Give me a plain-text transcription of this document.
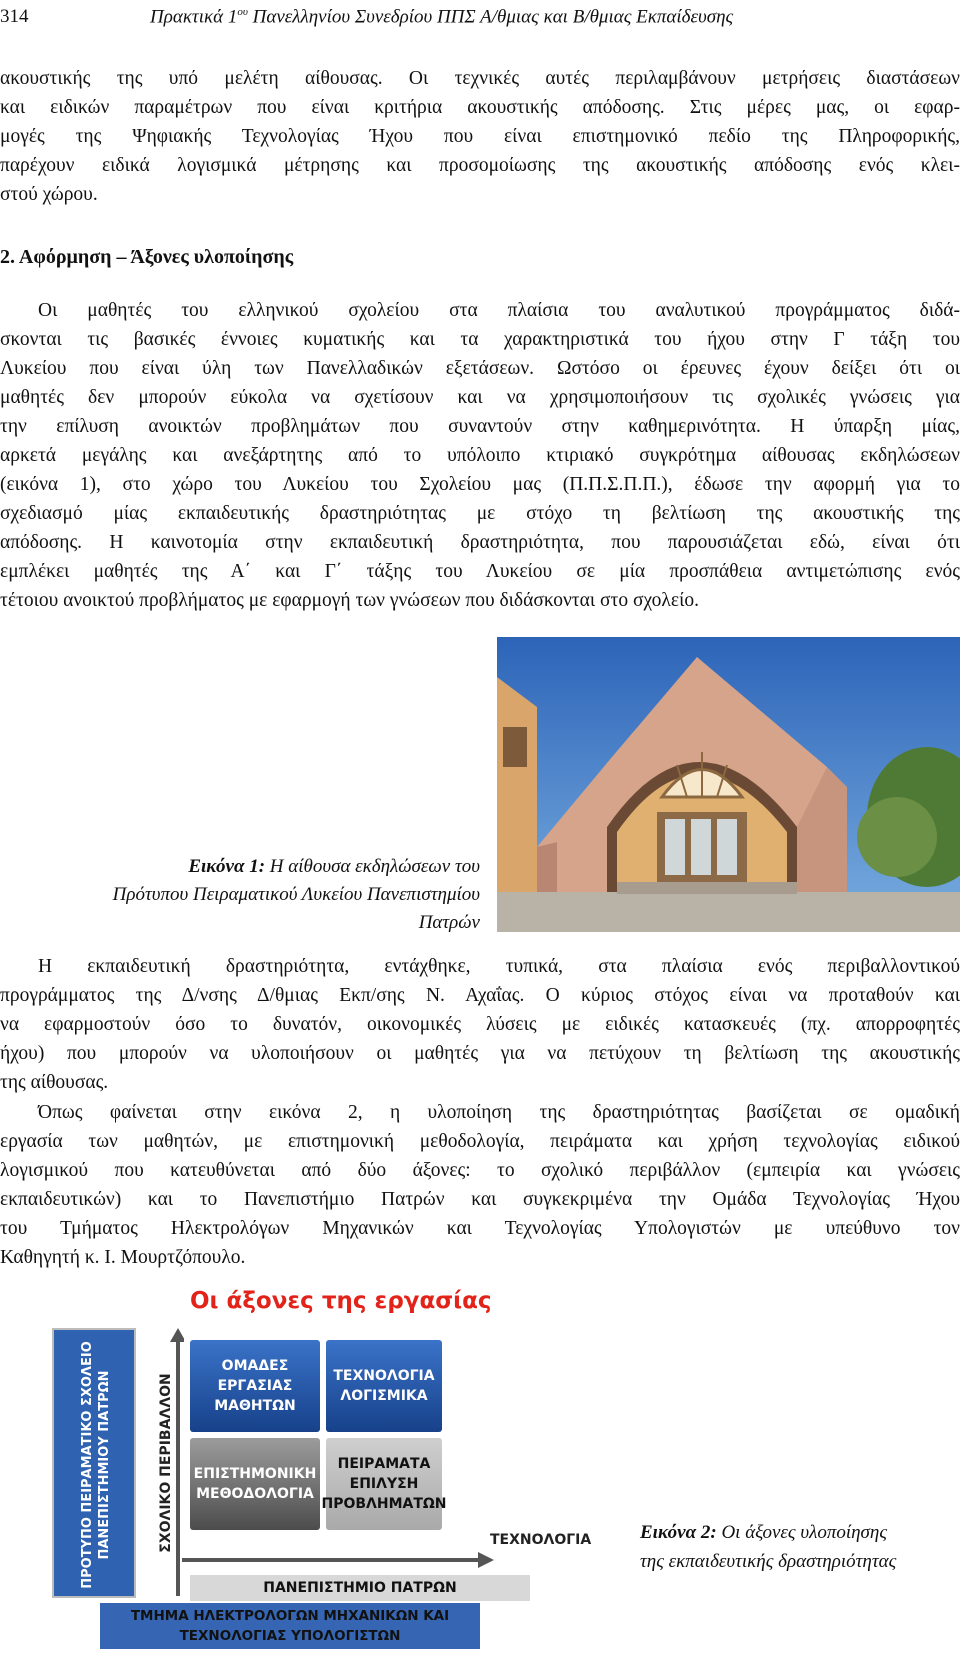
314	Πρακτικά $1^{o\upsilon}$ Πανελληνίου Συνεδρίου ΠΠΣ Α/θμιας και Β/θμιας Εκπαίδευσης
ακουστικής της υπό μελέτη αίθουσας. Οι τεχνικές αυτές περιλαμβάνουν μετρήσεις διαστάσεων
και ειδικών παραμέτρων που είναι κριτήρια ακουστικής απόδοσης. Στις μέρες μας, οι εφαρ-
μογές της Ψηφιακής Τεχνολογίας Ήχου που είναι επιστημονικό πεδίο της Πληροφορικής,
παρέχουν ειδικά λογισμικά μέτρησης και προσομοίωσης της ακουστικής απόδοσης ενός κλει-
στού χώρου.
2. Αφόρμηση – Άξονες υλοποίησης
Οι μαθητές του ελληνικού σχολείου στα πλαίσια του αναλυτικού προγράμματος διδά-
σκονται τις βασικές έννοιες κυματικής και τα χαρακτηριστικά του ήχου στην Γ τάξη του
Λυκείου που είναι ύλη των Πανελλαδικών εξετάσεων. Ωστόσο οι έρευνες έχουν δείξει ότι οι
μαθητές δεν μπορούν εύκολα να σχετίσουν και να χρησιμοποιήσουν τις σχολικές γνώσεις για
την επίλυση ανοικτών προβλημάτων που συναντούν στην καθημερινότητα. Η ύπαρξη μίας,
αρκετά μεγάλης και ανεξάρτητης από το υπόλοιπο κτιριακό συγκρότημα αίθουσας εκδηλώσεων
(εικόνα 1), στο χώρο του Λυκείου του Σχολείου μας (Π.Π.Σ.Π.Π.), έδωσε την αφορμή για το
σχεδιασμό μίας εκπαιδευτικής δραστηριότητας με στόχο τη βελτίωση της ακουστικής της
απόδοσης. Η καινοτομία στην εκπαιδευτική δραστηριότητα, που παρουσιάζεται εδώ, είναι ότι
εμπλέκει μαθητές της Α΄ και Γ΄ τάξης του Λυκείου σε μία προσπάθεια αντιμετώπισης ενός
τέτοιου ανοικτού προβλήματος με εφαρμογή των γνώσεων που διδάσκονται στο σχολείο.
Εικόνα 1: Η αίθουσα εκδηλώσεων του
Πρότυπου Πειραματικού Λυκείου Πανεπιστημίου
Πατρών
Η εκπαιδευτική δραστηριότητα, εντάχθηκε, τυπικά, στα πλαίσια ενός περιβαλλοντικού
προγράμματος της Δ/νσης Δ/θμιας Εκπ/σης Ν. Αχαΐας. Ο κύριος στόχος είναι να προταθούν και
να εφαρμοστούν όσο το δυνατόν, οικονομικές λύσεις με ειδικές κατασκευές (πχ. απορροφητές
ήχου) που μπορούν να υλοποιήσουν οι μαθητές για να πετύχουν τη βελτίωση της ακουστικής
της αίθουσας.
Όπως φαίνεται στην εικόνα 2, η υλοποίηση της δραστηριότητας βασίζεται σε ομαδική
εργασία των μαθητών, με επιστημονική μεθοδολογία, πειράματα και χρήση τεχνολογίας ειδικού
λογισμικού που κατευθύνεται από δύο άξονες: το σχολικό περιβάλλον (εμπειρία και γνώσεις
εκπαιδευτικών) και το Πανεπιστήμιο Πατρών και συγκεκριμένα την Ομάδα Τεχνολογίας Ήχου
του Τμήματος Ηλεκτρολόγων Μηχανικών και Τεχνολογίας Υπολογιστών με υπεύθυνο τον
Καθηγητή κ. Ι. Μουρτζόπουλο.
Οι άξονες της εργασίας
ΠΡΟΤΥΠΟ ΠΕΙΡΑΜΑΤΙΚΟ ΣΧΟΛΕΙΟ ΠΑΝΕΠΙΣΤΗΜΙΟΥ ΠΑΤΡΩΝ	ΣΧΟΛΙΚΟ ΠΕΡΙΒΑΛΛΟΝ
ΟΜΑΔΕΣ ΕΡΓΑΣΙΑΣ
ΜΑΘΗΤΩΝ
ΤΕΧΝΟΛΟΓΙΑ
ΛΟΓΙΣΜΙΚΑ
ΕΠΙΣΤΗΜΟΝΙΚΗ
ΜΕΘΟΔΟΛΟΓΙΑ
ΠΕΙΡΑΜΑΤΑ
ΕΠΙΛΥΣΗ
ΠΡΟΒΛΗΜΑΤΩΝ
ΤΕΧΝΟΛΟΓΙΑ
ΠΑΝΕΠΙΣΤΗΜΙΟ ΠΑΤΡΩΝ
ΤΜΗΜΑ ΗΛΕΚΤΡΟΛΟΓΩΝ ΜΗΧΑΝΙΚΩΝ ΚΑΙ
ΤΕΧΝΟΛΟΓΙΑΣ ΥΠΟΛΟΓΙΣΤΩΝ
Εικόνα 2: Οι άξονες υλοποίησης
της εκπαιδευτικής δραστηριότητας
